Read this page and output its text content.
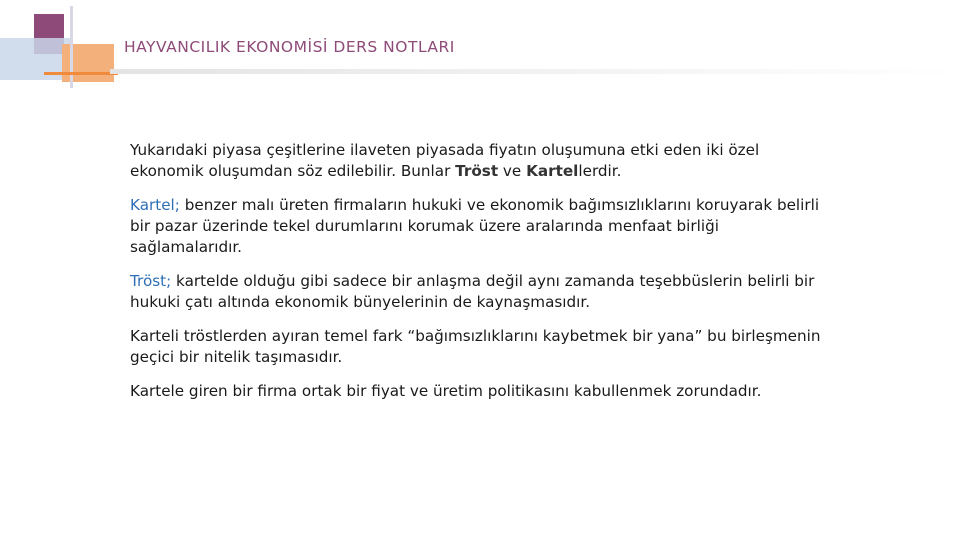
HAYVANCILIK EKONOMİSİ DERS NOTLARI

Yukarıdaki piyasa çeşitlerine ilaveten piyasada fiyatın oluşumuna etki eden iki özel ekonomik oluşumdan söz edilebilir. Bunlar Tröst ve Kartellerdir.

Kartel; benzer malı üreten firmaların hukuki ve ekonomik bağımsızlıklarını koruyarak belirli bir pazar üzerinde tekel durumlarını korumak üzere aralarında menfaat birliği sağlamalarıdır.

Tröst; kartelde olduğu gibi sadece bir anlaşma değil aynı zamanda teşebbüslerin belirli bir hukuki çatı altında ekonomik bünyelerinin de kaynaşmasıdır.

Karteli tröstlerden ayıran temel fark “bağımsızlıklarını kaybetmek bir yana” bu birleşmenin geçici bir nitelik taşımasıdır.

Kartele giren bir firma ortak bir fiyat ve üretim politikasını kabullenmek zorundadır.
